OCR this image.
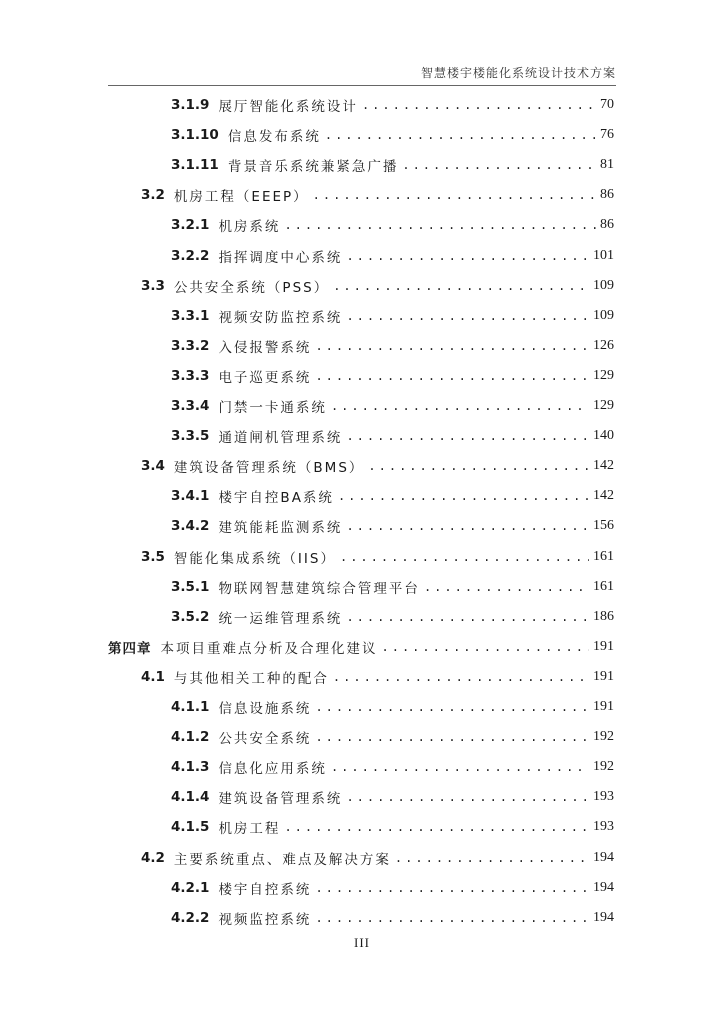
智慧楼宇楼能化系统设计技术方案
3.1.9 展厅智能化系统设计 .....	70
3.1.10 信息发布系统 .....	76
3.1.11 背景音乐系统兼紧急广播 .....	81
3.2 机房工程（EEEP） .....	86
3.2.1 机房系统 .....	86
3.2.2 指挥调度中心系统 .....	101
3.3 公共安全系统（PSS） .....	109
3.3.1 视频安防监控系统 .....	109
3.3.2 入侵报警系统 .....	126
3.3.3 电子巡更系统 .....	129
3.3.4 门禁一卡通系统 .....	129
3.3.5 通道闸机管理系统 .....	140
3.4 建筑设备管理系统（BMS） .....	142
3.4.1 楼宇自控BA系统 .....	142
3.4.2 建筑能耗监测系统 .....	156
3.5 智能化集成系统（IIS） .....	161
3.5.1 物联网智慧建筑综合管理平台 .....	161
3.5.2 统一运维管理系统 .....	186
第四章 本项目重难点分析及合理化建议 .....	191
4.1 与其他相关工种的配合 .....	191
4.1.1 信息设施系统 .....	191
4.1.2 公共安全系统 .....	192
4.1.3 信息化应用系统 .....	192
4.1.4 建筑设备管理系统 .....	193
4.1.5 机房工程 .....	193
4.2 主要系统重点、难点及解决方案 .....	194
4.2.1 楼宇自控系统 .....	194
4.2.2 视频监控系统 .....	194
III
